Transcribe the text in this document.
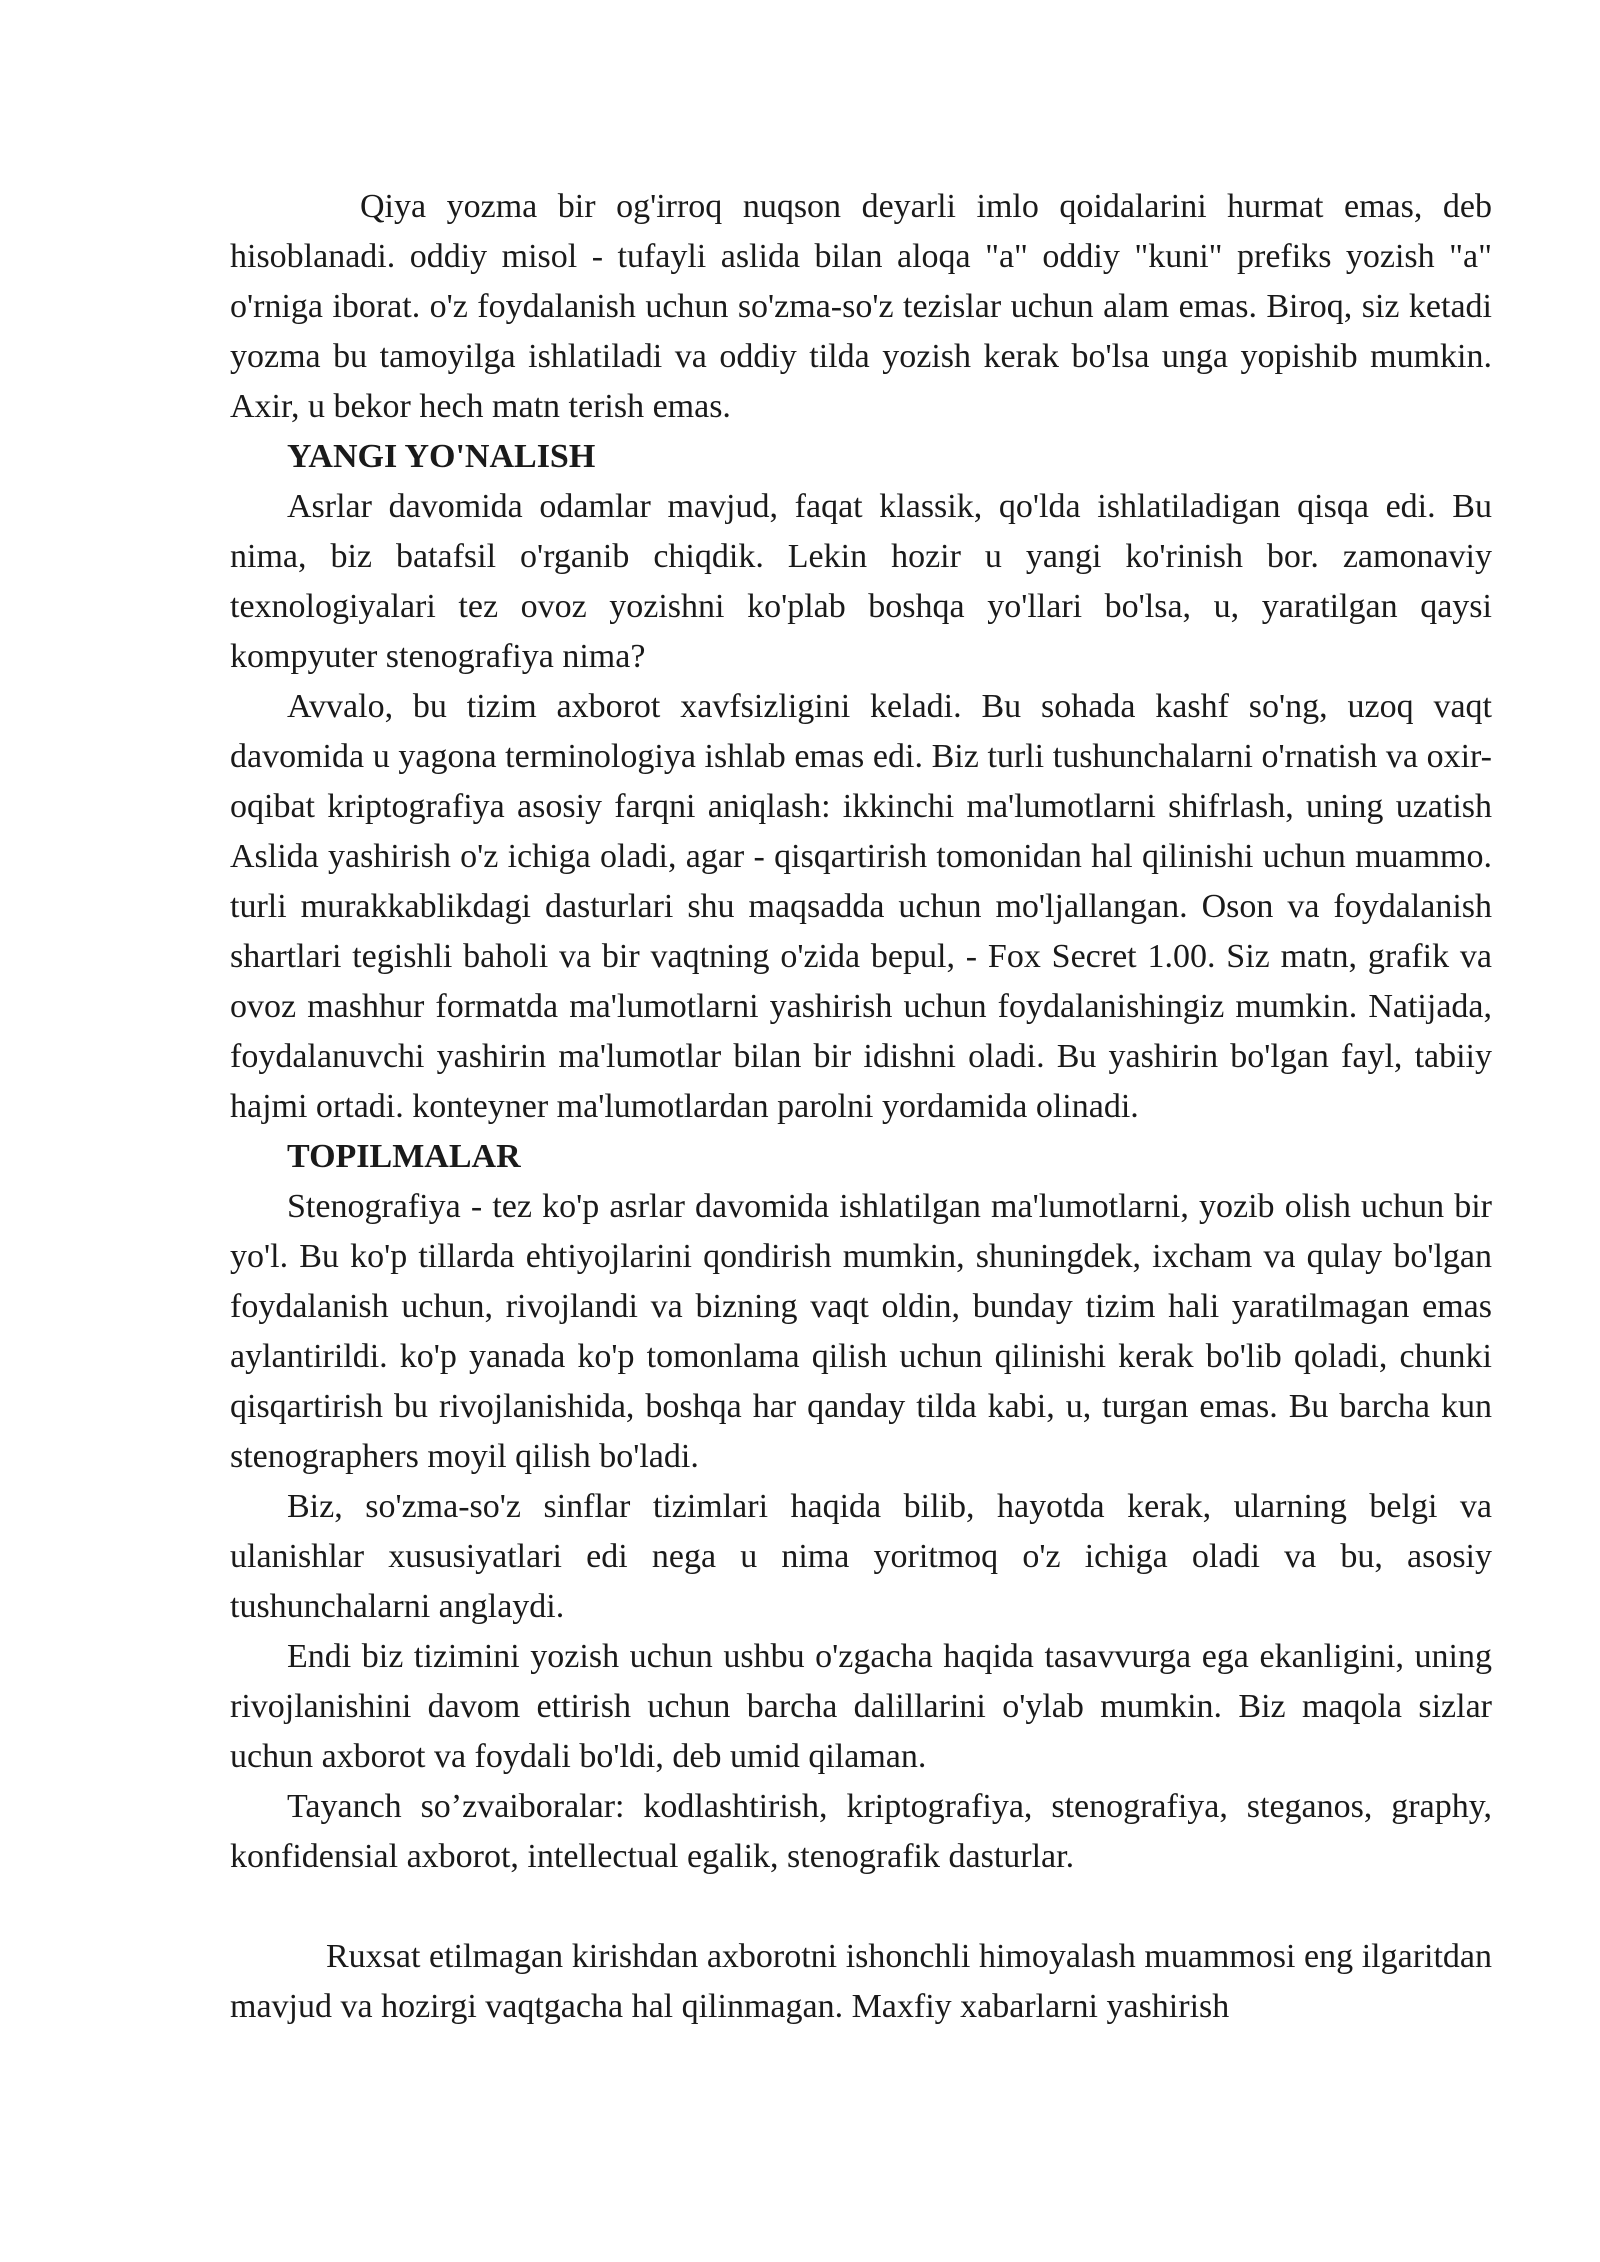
Qiya yozma bir og'irroq nuqson deyarli imlo qoidalarini hurmat emas, deb hisoblanadi. oddiy misol - tufayli aslida bilan aloqa "a" oddiy "kuni" prefiks yozish "a" o'rniga iborat. o'z foydalanish uchun so'zma-so'z tezislar uchun alam emas. Biroq, siz ketadi yozma bu tamoyilga ishlatiladi va oddiy tilda yozish kerak bo'lsa unga yopishib mumkin. Axir, u bekor hech matn terish emas.

YANGI YO'NALISH

Asrlar davomida odamlar mavjud, faqat klassik, qo'lda ishlatiladigan qisqa edi. Bu nima, biz batafsil o'rganib chiqdik. Lekin hozir u yangi ko'rinish bor. zamonaviy texnologiyalari tez ovoz yozishni ko'plab boshqa yo'llari bo'lsa, u, yaratilgan qaysi kompyuter stenografiya nima?

Avvalo, bu tizim axborot xavfsizligini keladi. Bu sohada kashf so'ng, uzoq vaqt davomida u yagona terminologiya ishlab emas edi. Biz turli tushunchalarni o'rnatish va oxir-oqibat kriptografiya asosiy farqni aniqlash: ikkinchi ma'lumotlarni shifrlash, uning uzatish Aslida yashirish o'z ichiga oladi, agar - qisqartirish tomonidan hal qilinishi uchun muammo. turli murakkablikdagi dasturlari shu maqsadda uchun mo'ljallangan. Oson va foydalanish shartlari tegishli baholi va bir vaqtning o'zida bepul, - Fox Secret 1.00. Siz matn, grafik va ovoz mashhur formatda ma'lumotlarni yashirish uchun foydalanishingiz mumkin. Natijada, foydalanuvchi yashirin ma'lumotlar bilan bir idishni oladi. Bu yashirin bo'lgan fayl, tabiiy hajmi ortadi. konteyner ma'lumotlardan parolni yordamida olinadi.

TOPILMALAR

Stenografiya - tez ko'p asrlar davomida ishlatilgan ma'lumotlarni, yozib olish uchun bir yo'l. Bu ko'p tillarda ehtiyojlarini qondirish mumkin, shuningdek, ixcham va qulay bo'lgan foydalanish uchun, rivojlandi va bizning vaqt oldin, bunday tizim hali yaratilmagan emas aylantirildi. ko'p yanada ko'p tomonlama qilish uchun qilinishi kerak bo'lib qoladi, chunki qisqartirish bu rivojlanishida, boshqa har qanday tilda kabi, u, turgan emas. Bu barcha kun stenographers moyil qilish bo'ladi.

Biz, so'zma-so'z sinflar tizimlari haqida bilib, hayotda kerak, ularning belgi va ulanishlar xususiyatlari edi nega u nima yoritmoq o'z ichiga oladi va bu, asosiy tushunchalarni anglaydi.

Endi biz tizimini yozish uchun ushbu o'zgacha haqida tasavvurga ega ekanligini, uning rivojlanishini davom ettirish uchun barcha dalillarini o'ylab mumkin. Biz maqola sizlar uchun axborot va foydali bo'ldi, deb umid qilaman.

Tayanch so’zvaiboralar: kodlashtirish, kriptografiya, stenografiya, steganos, graphy, konfidensial axborot, intellectual egalik, stenografik dasturlar.

Ruxsat etilmagan kirishdan axborotni ishonchli himoyalash muammosi eng ilgaritdan mavjud va hozirgi vaqtgacha hal qilinmagan. Maxfiy xabarlarni yashirish
